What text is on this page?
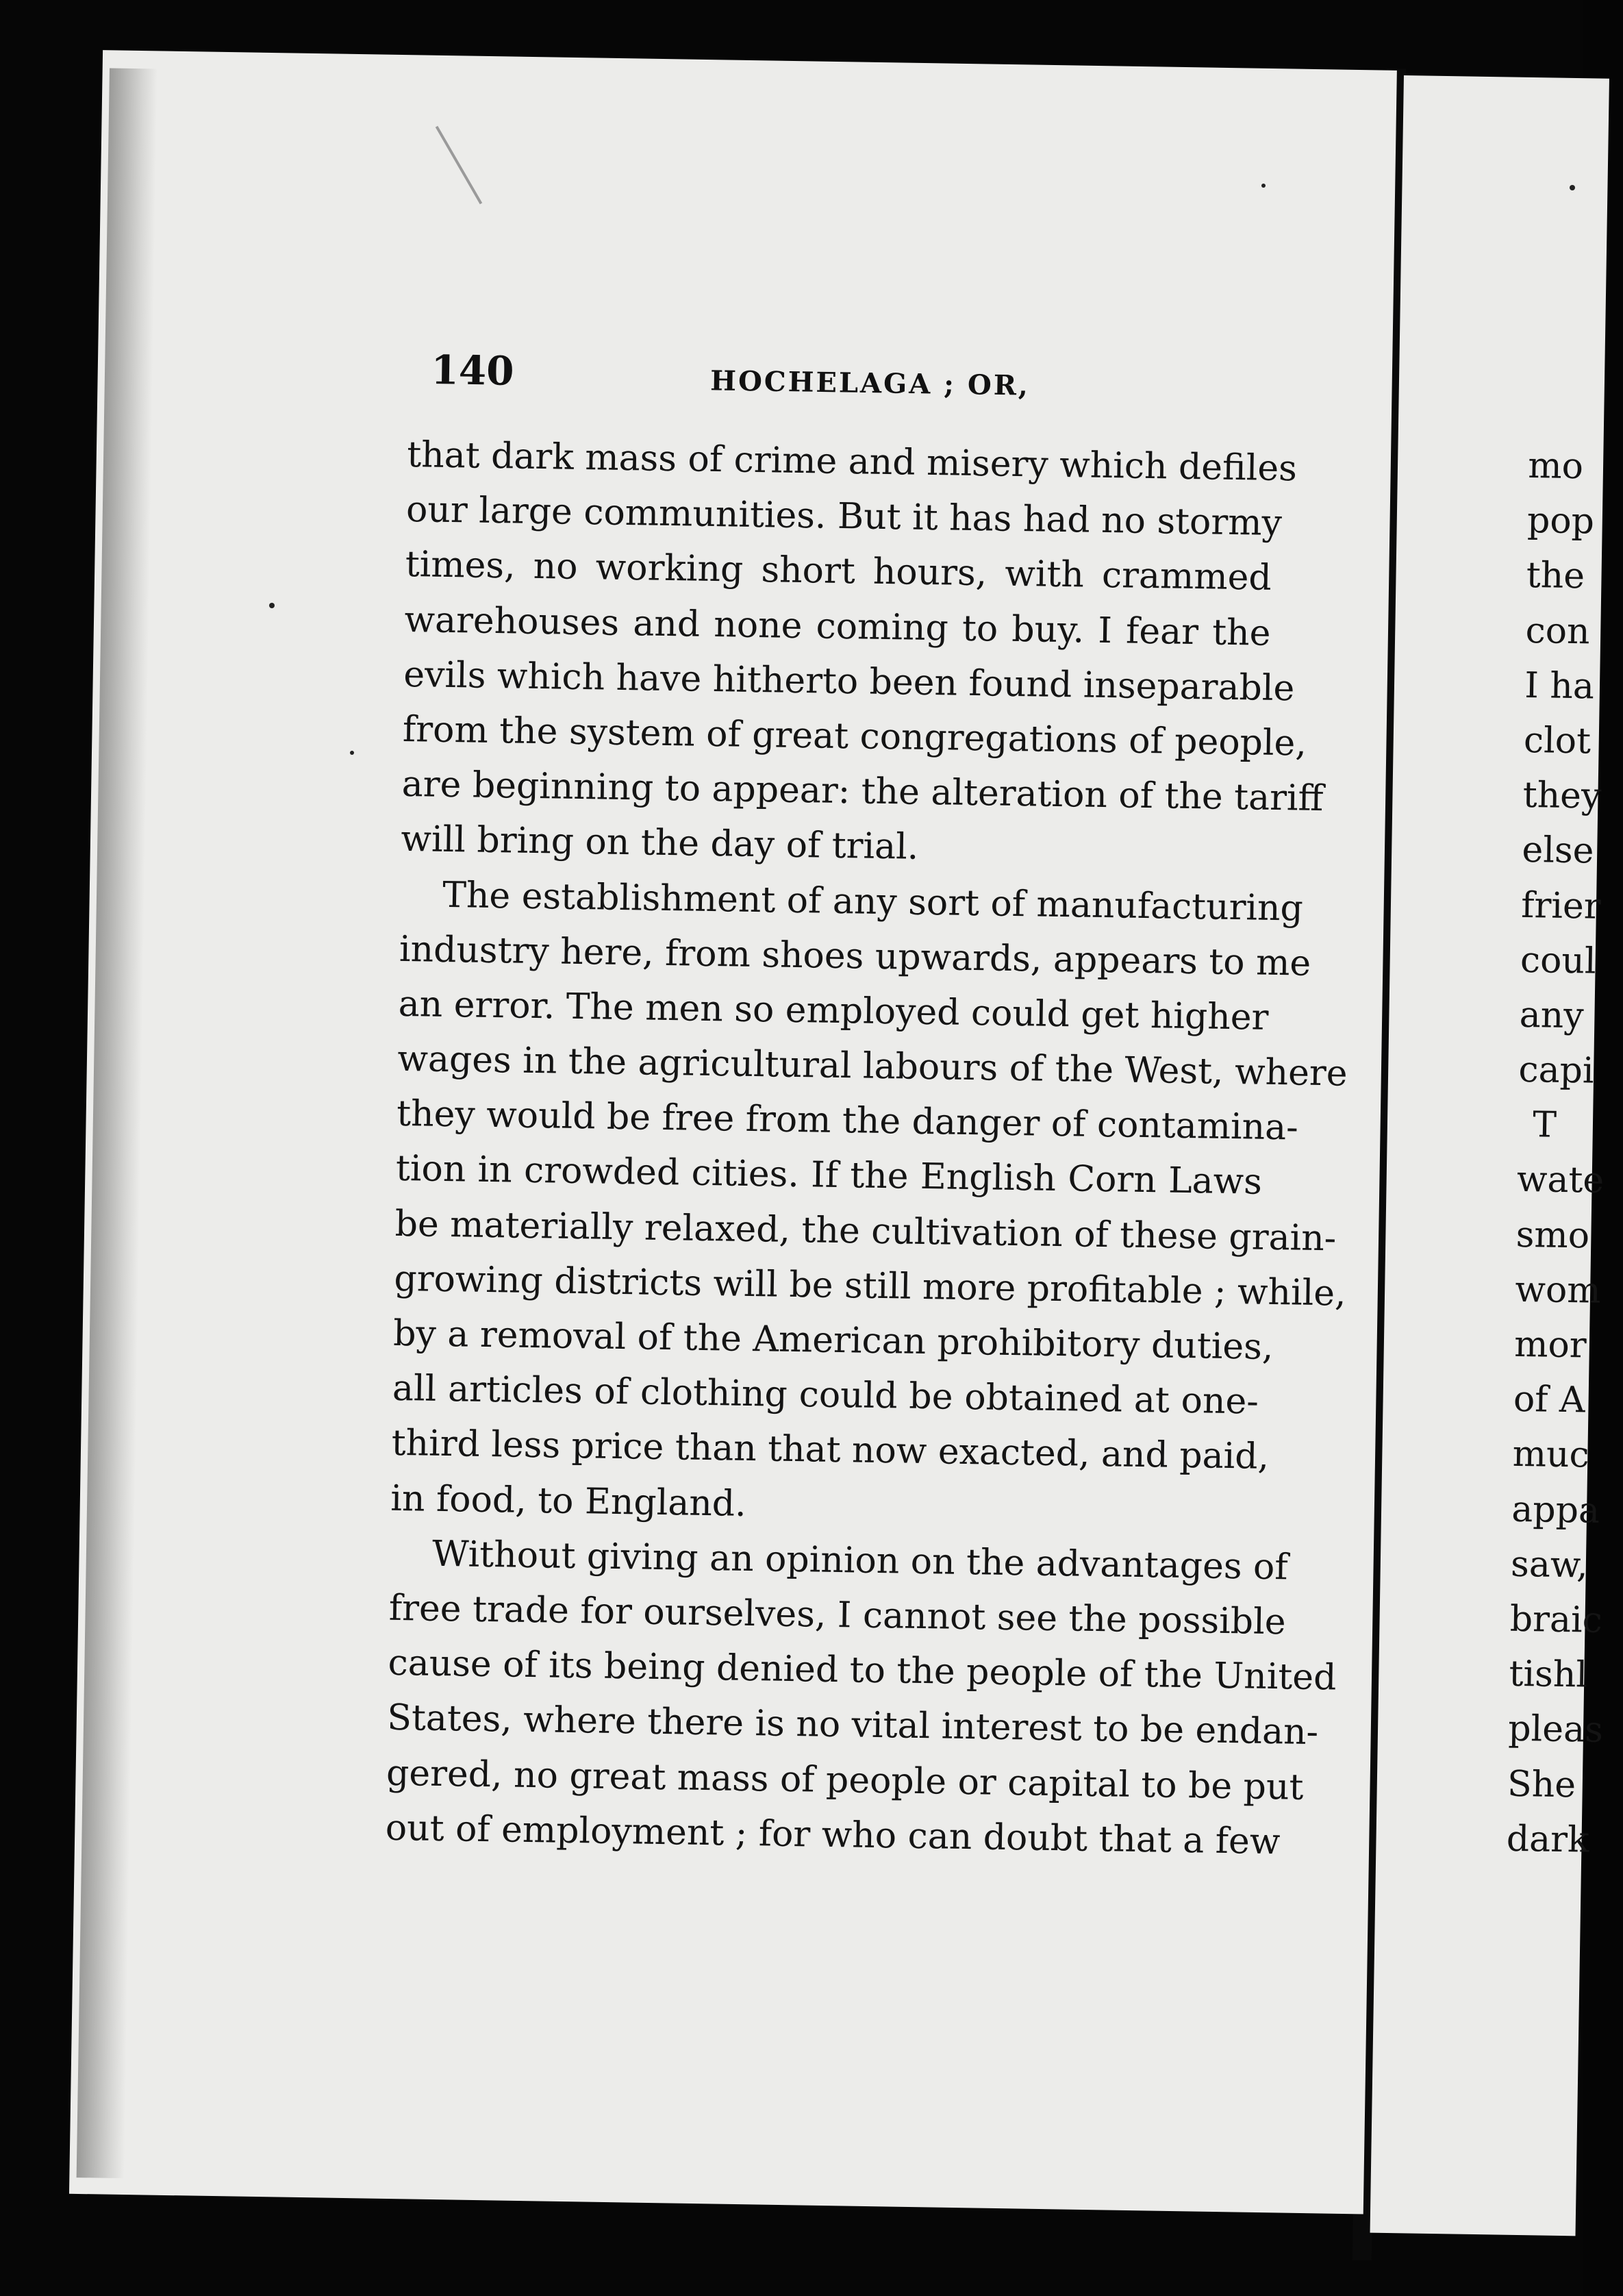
140	HOCHELAGA ; OR,
that dark mass of crime and misery which defiles
our large communities. But it has had no stormy
times, no working short hours, with crammed
warehouses and none coming to buy. I fear the
evils which have hitherto been found inseparable
from the system of great congregations of people,
are beginning to appear: the alteration of the tariff
will bring on the day of trial.
The establishment of any sort of manufacturing
industry here, from shoes upwards, appears to me
an error. The men so employed could get higher
wages in the agricultural labours of the West, where
they would be free from the danger of contamina-
tion in crowded cities. If the English Corn Laws
be materially relaxed, the cultivation of these grain-
growing districts will be still more profitable ; while,
by a removal of the American prohibitory duties,
all articles of clothing could be obtained at one-
third less price than that now exacted, and paid,
in food, to England.
Without giving an opinion on the advantages of
free trade for ourselves, I cannot see the possible
cause of its being denied to the people of the United
States, where there is no vital interest to be endan-
gered, no great mass of people or capital to be put
out of employment ; for who can doubt that a few
mo
pop
the
con
I ha
clot
they
else
frier
coul
any
capi
T
wate
smo
wom
mor
of A
muc
appa
saw,
braic
tishl
pleas
She
dark
